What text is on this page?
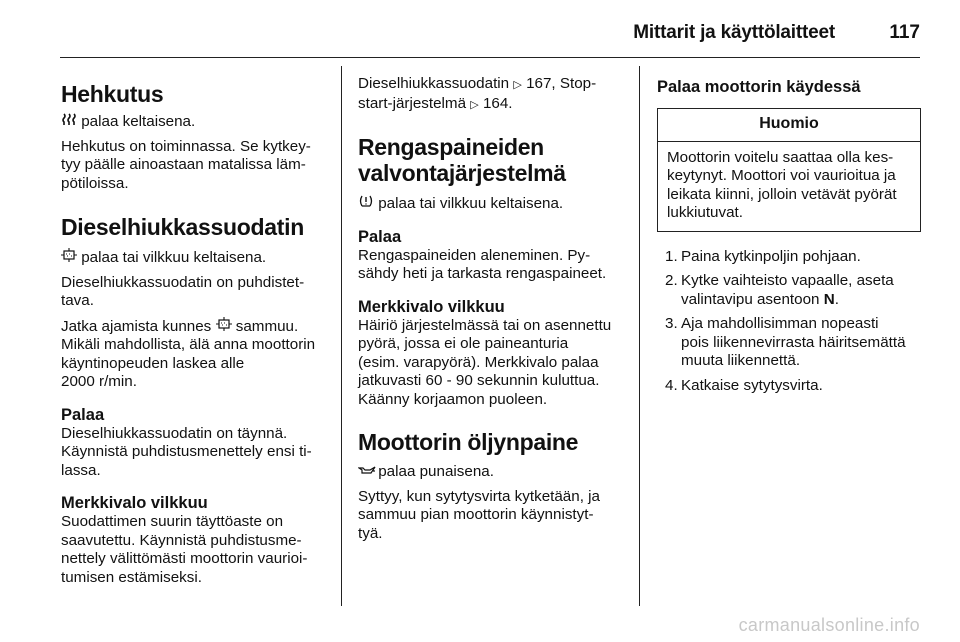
Mittarit ja käyttölaitteet	117
Hehkutus

palaa keltaisena.

Hehkutus on toiminnassa. Se kytkey-
tyy päälle ainoastaan matalissa läm-
pötiloissa.

Dieselhiukkassuodatin

palaa tai vilkkuu keltaisena.

Dieselhiukkassuodatin on puhdistet-
tava.

Jatka ajamista kunnes sammuu.
Mikäli mahdollista, älä anna moottorin
käyntinopeuden laskea alle
2000 r/min.

Palaa

Dieselhiukkassuodatin on täynnä.
Käynnistä puhdistusmenettely ensi ti-
lassa.

Merkkivalo vilkkuu

Suodattimen suurin täyttöaste on
saavutettu. Käynnistä puhdistusme-
nettely välittömästi moottorin vaurioi-
tumisen estämiseksi.

Dieselhiukkassuodatin ▷ 167, Stop-
start-järjestelmä ▷ 164.

Rengaspaineiden
valvontajärjestelmä

palaa tai vilkkuu keltaisena.

Palaa

Rengaspaineiden aleneminen. Py-
sähdy heti ja tarkasta rengaspaineet.

Merkkivalo vilkkuu

Häiriö järjestelmässä tai on asennettu
pyörä, jossa ei ole paineanturia
(esim. varapyörä). Merkkivalo palaa
jatkuvasti 60 - 90 sekunnin kuluttua.
Käänny korjaamon puoleen.

Moottorin öljynpaine

palaa punaisena.

Syttyy, kun sytytysvirta kytketään, ja
sammuu pian moottorin käynnistyt-
tyä.

Palaa moottorin käydessä
Huomio
Moottorin voitelu saattaa olla kes-
keytynyt. Moottori voi vaurioitua ja
leikata kiinni, jolloin vetävät pyörät
lukkiutuvat.
1. Paina kytkinpoljin pohjaan.
2. Kytke vaihteisto vapaalle, aseta
valintavipu asentoon N.
3. Aja mahdollisimman nopeasti
pois liikennevirrasta häiritsemättä
muuta liikennettä.
4. Katkaise sytytysvirta.
carmanualsonline.info
